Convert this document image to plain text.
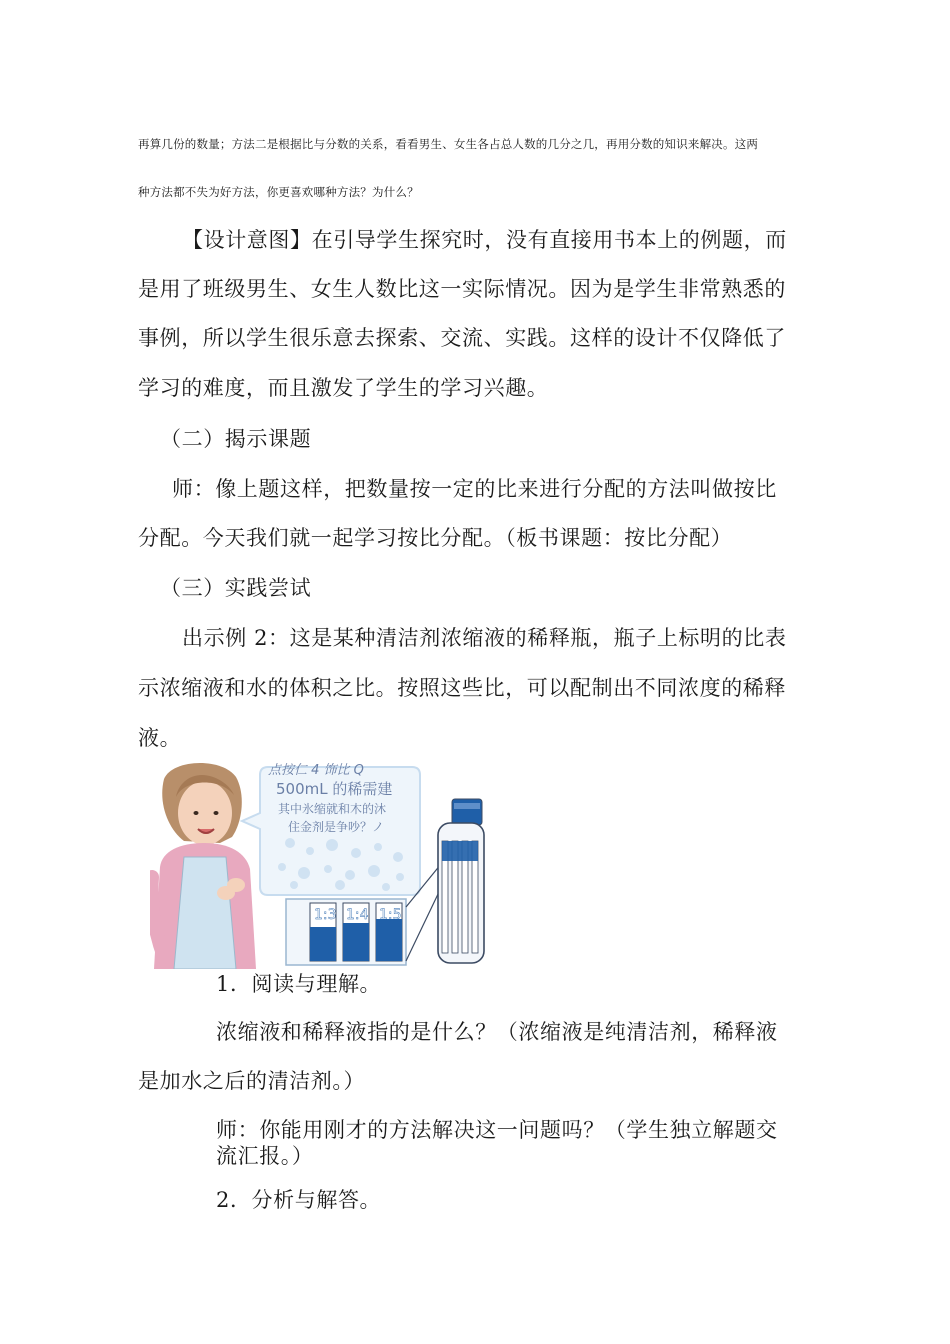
再算几份的数量；方法二是根据比与分数的关系，看看男生、女生各占总人数的几分之几，再用分数的知识来解决。这两
种方法都不失为好方法，你更喜欢哪种方法？为什么？
【设计意图】在引导学生探究时，没有直接用书本上的例题，而
是用了班级男生、女生人数比这一实际情况。因为是学生非常熟悉的
事例，所以学生很乐意去探索、交流、实践。这样的设计不仅降低了
学习的难度，而且激发了学生的学习兴趣。
（二）揭示课题
师：像上题这样，把数量按一定的比来进行分配的方法叫做按比
分配。今天我们就一起学习按比分配。（板书课题：按比分配）
（三）实践尝试
出示例 2：这是某种清洁剂浓缩液的稀释瓶，瓶子上标明的比表
示浓缩液和水的体积之比。按照这些比，可以配制出不同浓度的稀释
液。
点按仁 4 饰比 Q
500mL 的稀需建
其中氷缩就和木的沐
住金剂是争吵？ノ
1:3 1:4 1:5
1．阅读与理解。
浓缩液和稀释液指的是什么？（浓缩液是纯清洁剂，稀释液
是加水之后的清洁剂。）
师：你能用刚才的方法解决这一问题吗？（学生独立解题交
流汇报。）
2．分析与解答。
